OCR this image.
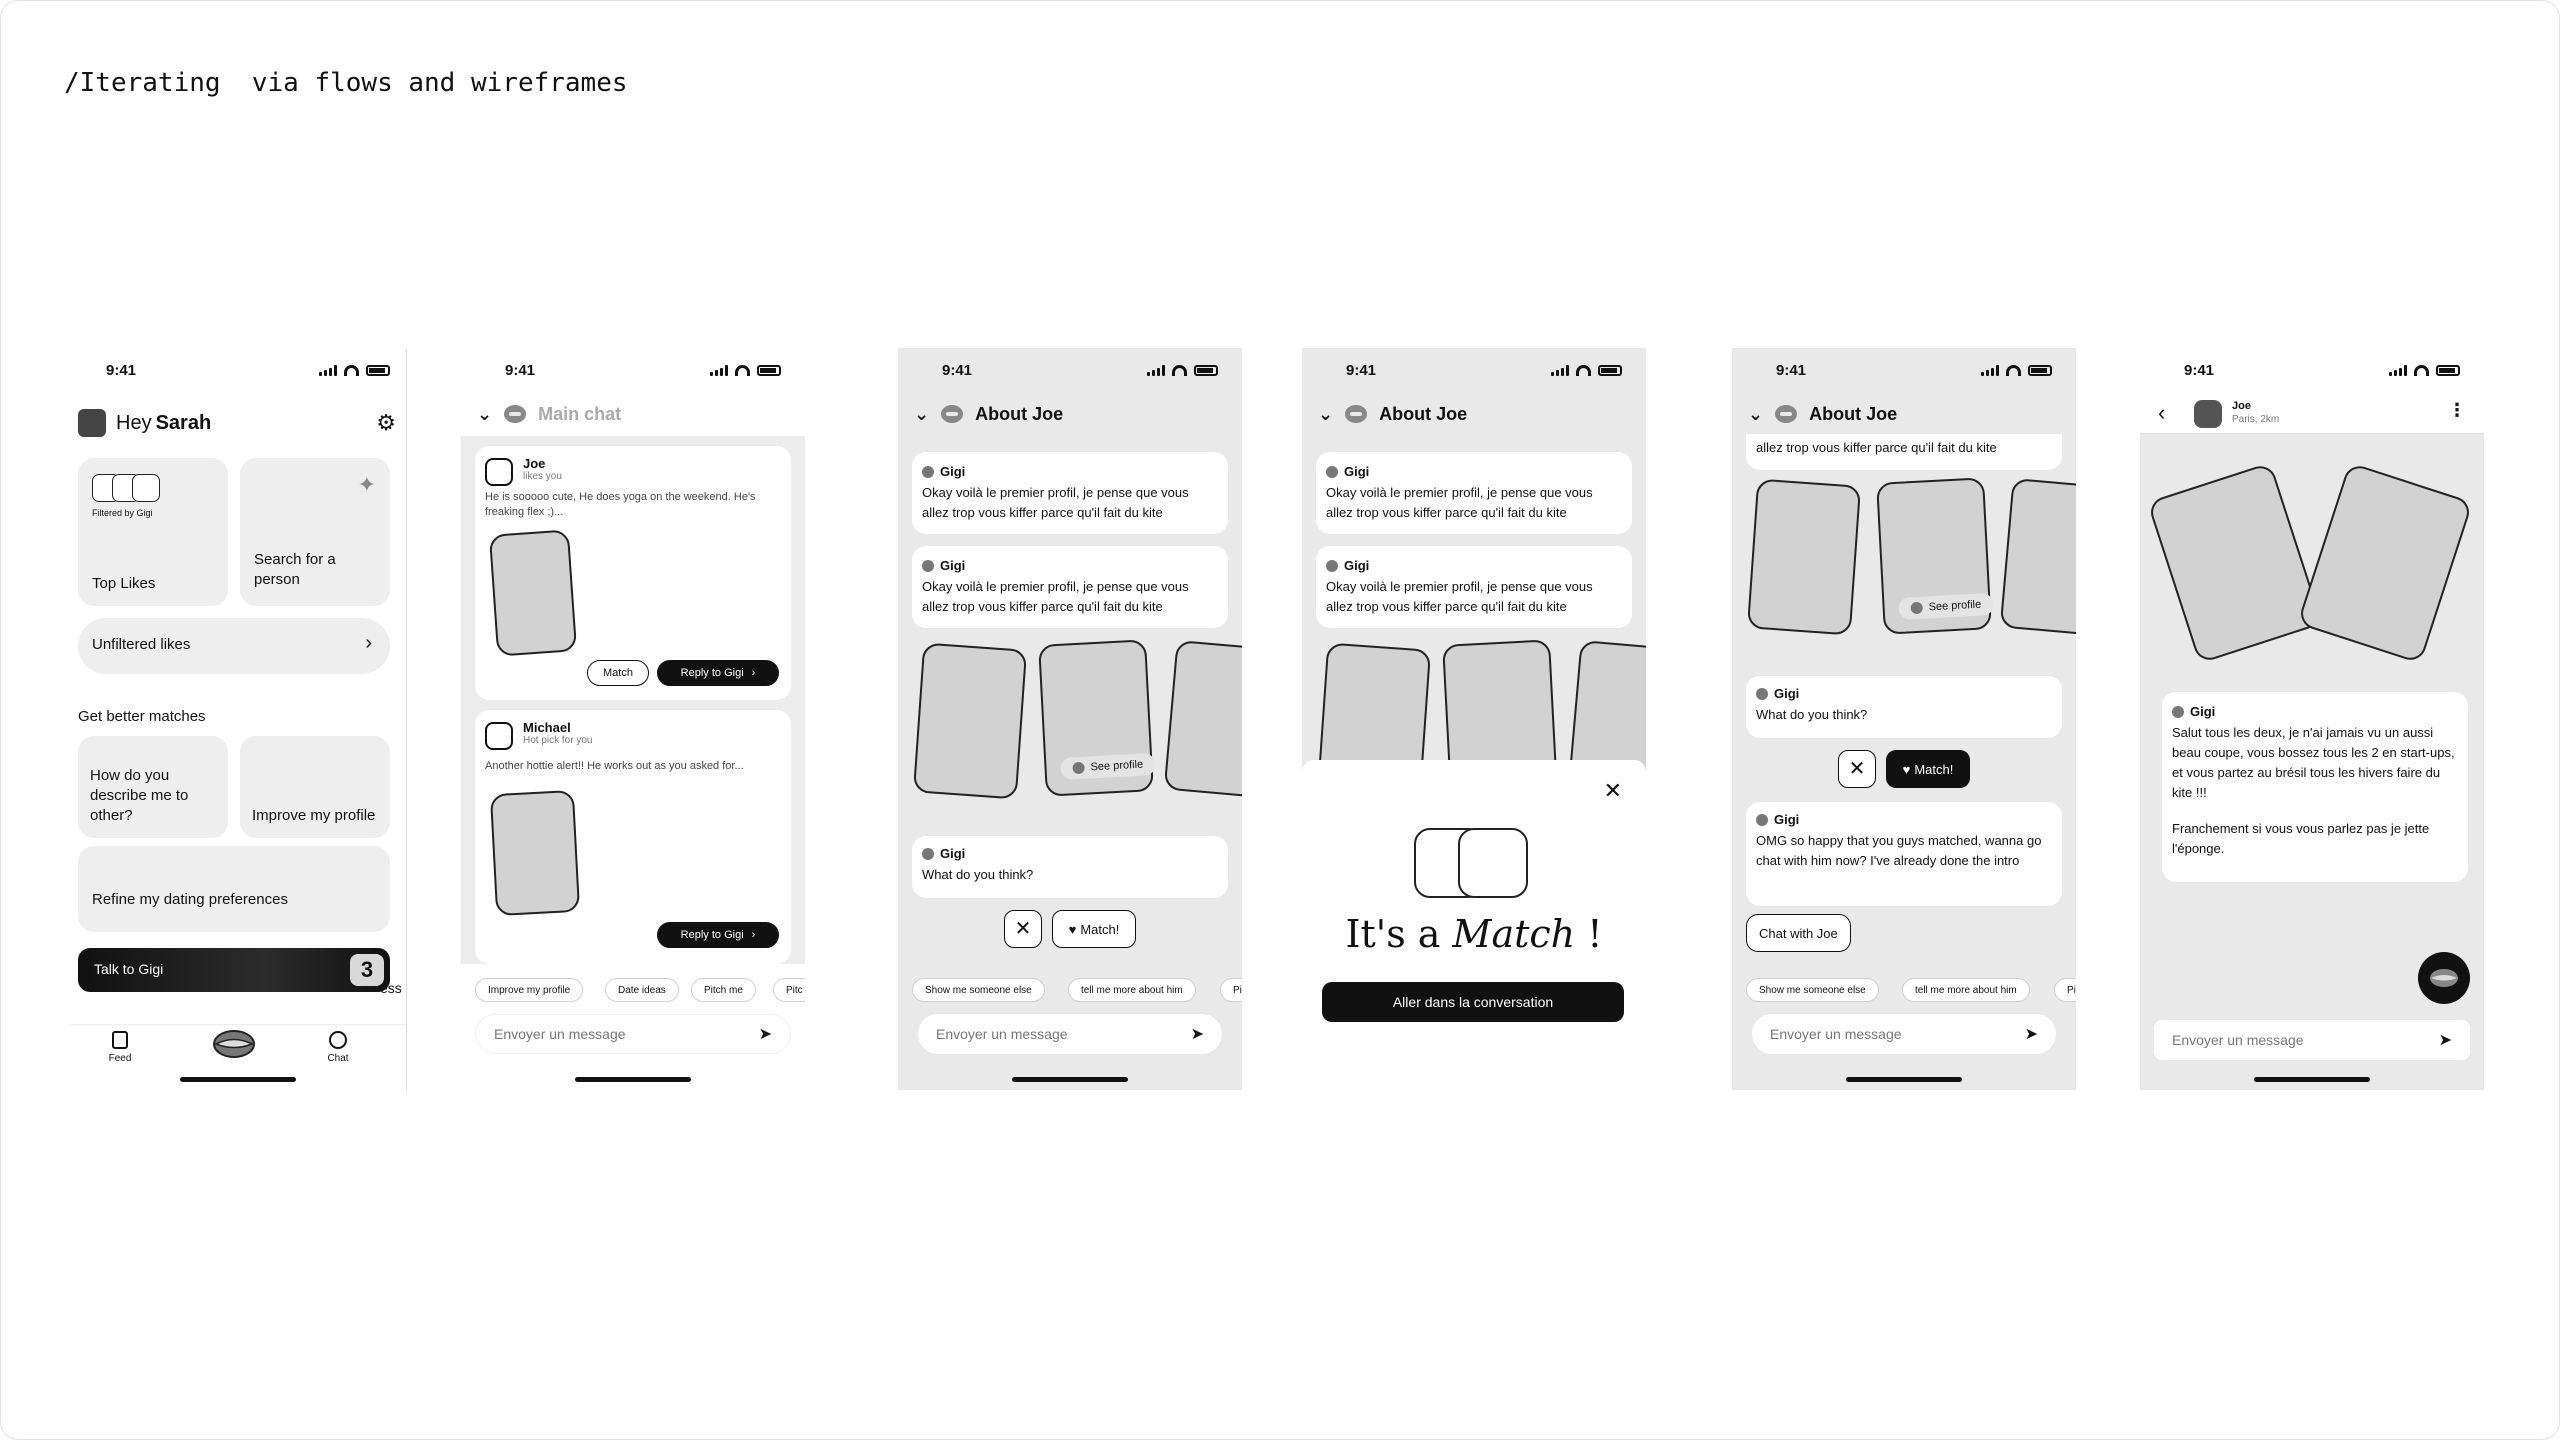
/Iterating  via flows and wireframes
9:41
Hey Sarah	⚙
Filtered by Gigi
Top Likes
✦
Search for a person
Unfiltered likes	›
Get better matches
How do you describe me to other?	Improve my profile
Refine my dating preferences
Talk to Gigi	3
ess
Feed	Chat
9:41
⌄	Main chat
Joe
likes you
He is sooooo cute, He does yoga on the weekend. He's freaking flex ;)...
Match	Reply to Gigi ›
Michael
Hot pick for you
Another hottie alert!! He works out as you asked for...
Reply to Gigi ›
Improve my profile	Date ideas	Pitch me	Pitc
Envoyer un message	➤
9:41
⌄	About Joe
Gigi
Okay voilà le premier profil, je pense que vous allez trop vous kiffer parce qu'il fait du kite
Gigi
Okay voilà le premier profil, je pense que vous allez trop vous kiffer parce qu'il fait du kite
See profile
Gigi
What do you think?
✕	♥ Match!
Show me someone else	tell me more about him	Pi
Envoyer un message	➤
9:41
⌄	About Joe
Gigi
Okay voilà le premier profil, je pense que vous allez trop vous kiffer parce qu'il fait du kite
Gigi
Okay voilà le premier profil, je pense que vous allez trop vous kiffer parce qu'il fait du kite
✕
It's a Match !
Aller dans la conversation
9:41
⌄	About Joe
allez trop vous kiffer parce qu'il fait du kite
See profile
Gigi
What do you think?
✕	♥ Match!
Gigi
OMG so happy that you guys matched, wanna go chat with him now? I've already done the intro
Chat with Joe
Show me someone else	tell me more about him	Pi
Envoyer un message	➤
9:41
‹	Joe
Paris, 2km	⋮
Gigi
Salut tous les deux, je n'ai jamais vu un aussi beau coupe, vous bossez tous les 2 en start-ups, et vous partez au brésil tous les hivers faire du kite !!!
Franchement si vous vous parlez pas je jette l'éponge.
Envoyer un message	➤
